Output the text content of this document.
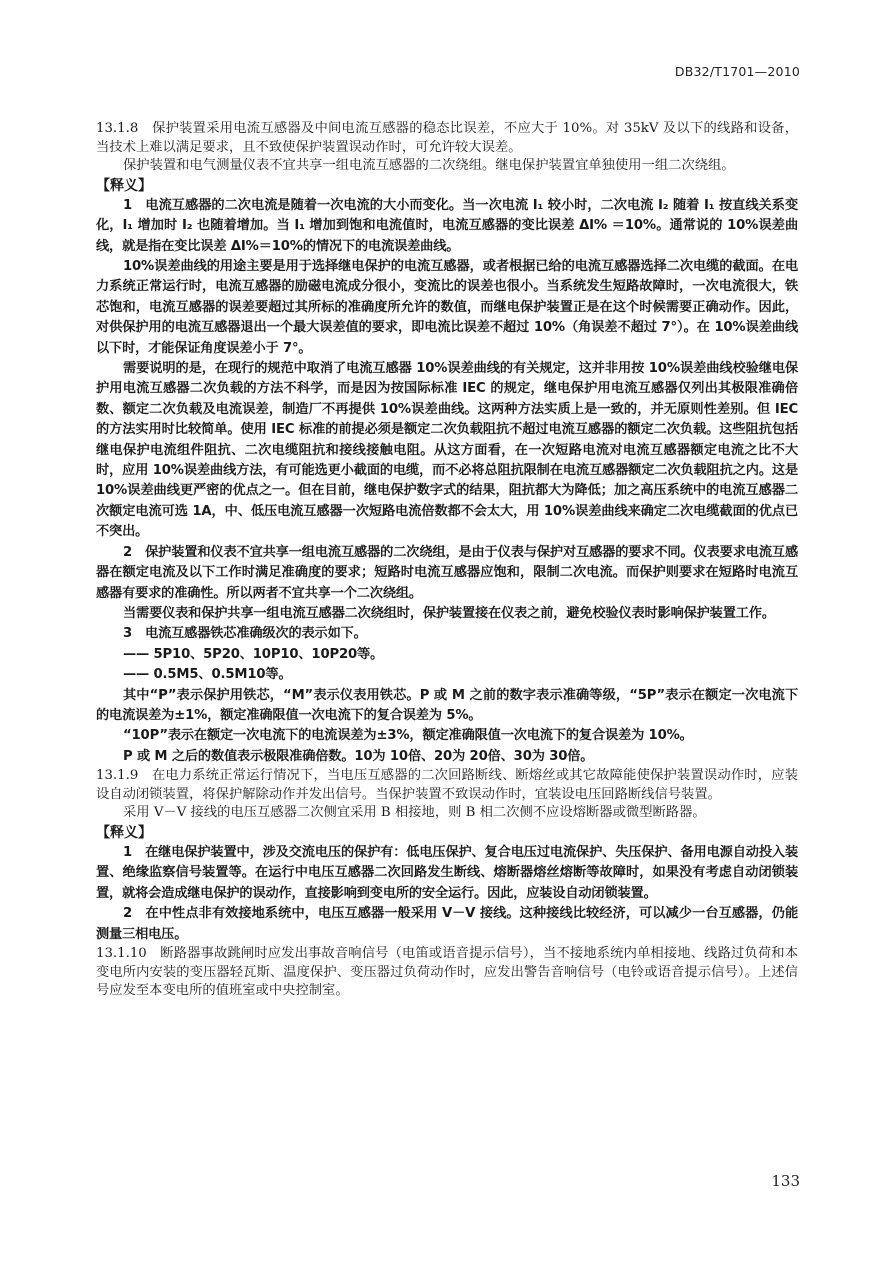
DB32/T1701—2010

13.1.8　保护装置采用电流互感器及中间电流互感器的稳态比误差，不应大于 10%。对 35kV 及以下的线路和设备，当技术上难以满足要求，且不致使保护装置误动作时，可允许较大误差。

保护装置和电气测量仪表不宜共享一组电流互感器的二次绕组。继电保护装置宜单独使用一组二次绕组。

【释义】

1　电流互感器的二次电流是随着一次电流的大小而变化。当一次电流 I₁ 较小时，二次电流 I₂ 随着 I₁ 按直线关系变化，I₁ 增加时 I₂ 也随着增加。当 I₁ 增加到饱和电流值时，电流互感器的变比误差 ΔI% ＝10%。通常说的 10%误差曲线，就是指在变比误差 ΔI%＝10%的情况下的电流误差曲线。

10%误差曲线的用途主要是用于选择继电保护的电流互感器，或者根据已给的电流互感器选择二次电缆的截面。在电力系统正常运行时，电流互感器的励磁电流成分很小，变流比的误差也很小。当系统发生短路故障时，一次电流很大，铁芯饱和，电流互感器的误差要超过其所标的准确度所允许的数值，而继电保护装置正是在这个时候需要正确动作。因此，对供保护用的电流互感器退出一个最大误差值的要求，即电流比误差不超过 10%（角误差不超过 7°）。在 10%误差曲线以下时，才能保证角度误差小于 7°。

需要说明的是，在现行的规范中取消了电流互感器 10%误差曲线的有关规定，这并非用按 10%误差曲线校验继电保护用电流互感器二次负载的方法不科学，而是因为按国际标准 IEC 的规定，继电保护用电流互感器仅列出其极限准确倍数、额定二次负载及电流误差，制造厂不再提供 10%误差曲线。这两种方法实质上是一致的，并无原则性差别。但 IEC 的方法实用时比较简单。使用 IEC 标准的前提必须是额定二次负载阻抗不超过电流互感器的额定二次负载。这些阻抗包括继电保护电流组件阻抗、二次电缆阻抗和接线接触电阻。从这方面看，在一次短路电流对电流互感器额定电流之比不大时，应用 10%误差曲线方法，有可能选更小截面的电缆，而不必将总阻抗限制在电流互感器额定二次负载阻抗之内。这是 10%误差曲线更严密的优点之一。但在目前，继电保护数字式的结果，阻抗都大为降低；加之高压系统中的电流互感器二次额定电流可选 1A，中、低压电流互感器一次短路电流倍数都不会太大，用 10%误差曲线来确定二次电缆截面的优点已不突出。

2　保护装置和仪表不宜共享一组电流互感器的二次绕组，是由于仪表与保护对互感器的要求不同。仪表要求电流互感器在额定电流及以下工作时满足准确度的要求；短路时电流互感器应饱和，限制二次电流。而保护则要求在短路时电流互感器有要求的准确性。所以两者不宜共享一个二次绕组。

当需要仪表和保护共享一组电流互感器二次绕组时，保护装置接在仪表之前，避免校验仪表时影响保护装置工作。

3　电流互感器铁芯准确级次的表示如下。

—— 5P10、5P20、10P10、10P20等。

—— 0.5M5、0.5M10等。

其中“P”表示保护用铁芯，“M”表示仪表用铁芯。P 或 M 之前的数字表示准确等级，“5P”表示在额定一次电流下的电流误差为±1%，额定准确限值一次电流下的复合误差为 5%。

“10P”表示在额定一次电流下的电流误差为±3%，额定准确限值一次电流下的复合误差为 10%。

P 或 M 之后的数值表示极限准确倍数。10为 10倍、20为 20倍、30为 30倍。

13.1.9　在电力系统正常运行情况下，当电压互感器的二次回路断线、断熔丝或其它故障能使保护装置误动作时，应装设自动闭锁装置，将保护解除动作并发出信号。当保护装置不致误动作时，宜装设电压回路断线信号装置。

采用 V－V 接线的电压互感器二次侧宜采用 B 相接地，则 B 相二次侧不应设熔断器或微型断路器。

【释义】

1　在继电保护装置中，涉及交流电压的保护有：低电压保护、复合电压过电流保护、失压保护、备用电源自动投入装置、绝缘监察信号装置等。在运行中电压互感器二次回路发生断线、熔断器熔丝熔断等故障时，如果没有考虑自动闭锁装置，就将会造成继电保护的误动作，直接影响到变电所的安全运行。因此，应装设自动闭锁装置。

2　在中性点非有效接地系统中，电压互感器一般采用 V－V 接线。这种接线比较经济，可以减少一台互感器，仍能测量三相电压。

13.1.10　断路器事故跳闸时应发出事故音响信号（电笛或语音提示信号），当不接地系统内单相接地、线路过负荷和本变电所内安装的变压器轻瓦斯、温度保护、变压器过负荷动作时，应发出警告音响信号（电铃或语音提示信号）。上述信号应发至本变电所的值班室或中央控制室。

133
